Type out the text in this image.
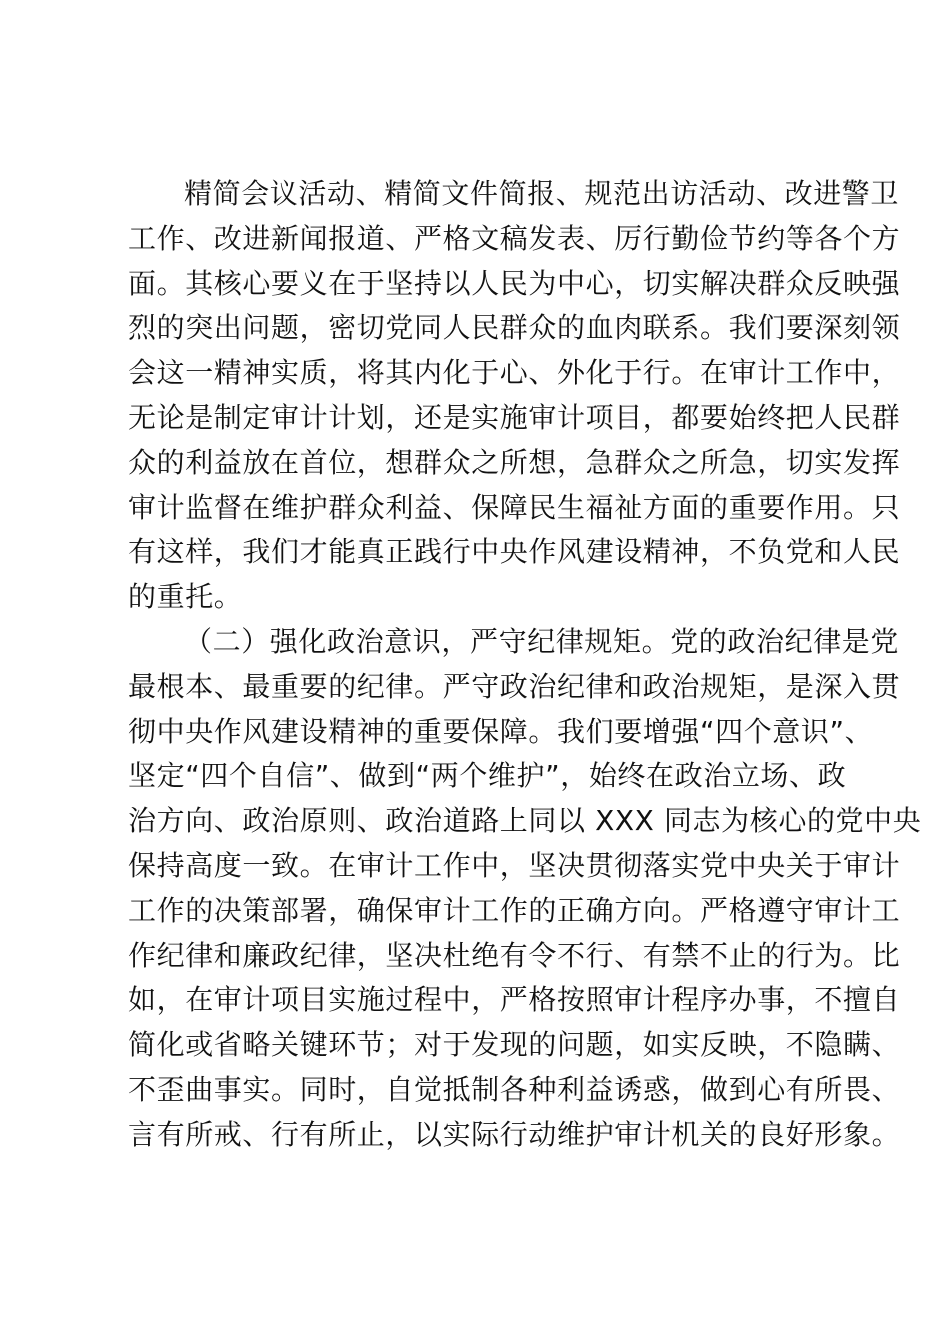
精简会议活动、精简文件简报、规范出访活动、改进警卫
工作、改进新闻报道、严格文稿发表、厉行勤俭节约等各个方
面。其核心要义在于坚持以人民为中心，切实解决群众反映强
烈的突出问题，密切党同人民群众的血肉联系。我们要深刻领
会这一精神实质，将其内化于心、外化于行。在审计工作中，
无论是制定审计计划，还是实施审计项目，都要始终把人民群
众的利益放在首位，想群众之所想，急群众之所急，切实发挥
审计监督在维护群众利益、保障民生福祉方面的重要作用。只
有这样，我们才能真正践行中央作风建设精神，不负党和人民
的重托。
（二）强化政治意识，严守纪律规矩。党的政治纪律是党
最根本、最重要的纪律。严守政治纪律和政治规矩，是深入贯
彻中央作风建设精神的重要保障。我们要增强“四个意识”、
坚定“四个自信”、做到“两个维护”，始终在政治立场、政
治方向、政治原则、政治道路上同以 XXX 同志为核心的党中央
保持高度一致。在审计工作中，坚决贯彻落实党中央关于审计
工作的决策部署，确保审计工作的正确方向。严格遵守审计工
作纪律和廉政纪律，坚决杜绝有令不行、有禁不止的行为。比
如，在审计项目实施过程中，严格按照审计程序办事，不擅自
简化或省略关键环节；对于发现的问题，如实反映，不隐瞒、
不歪曲事实。同时，自觉抵制各种利益诱惑，做到心有所畏、
言有所戒、行有所止，以实际行动维护审计机关的良好形象。
